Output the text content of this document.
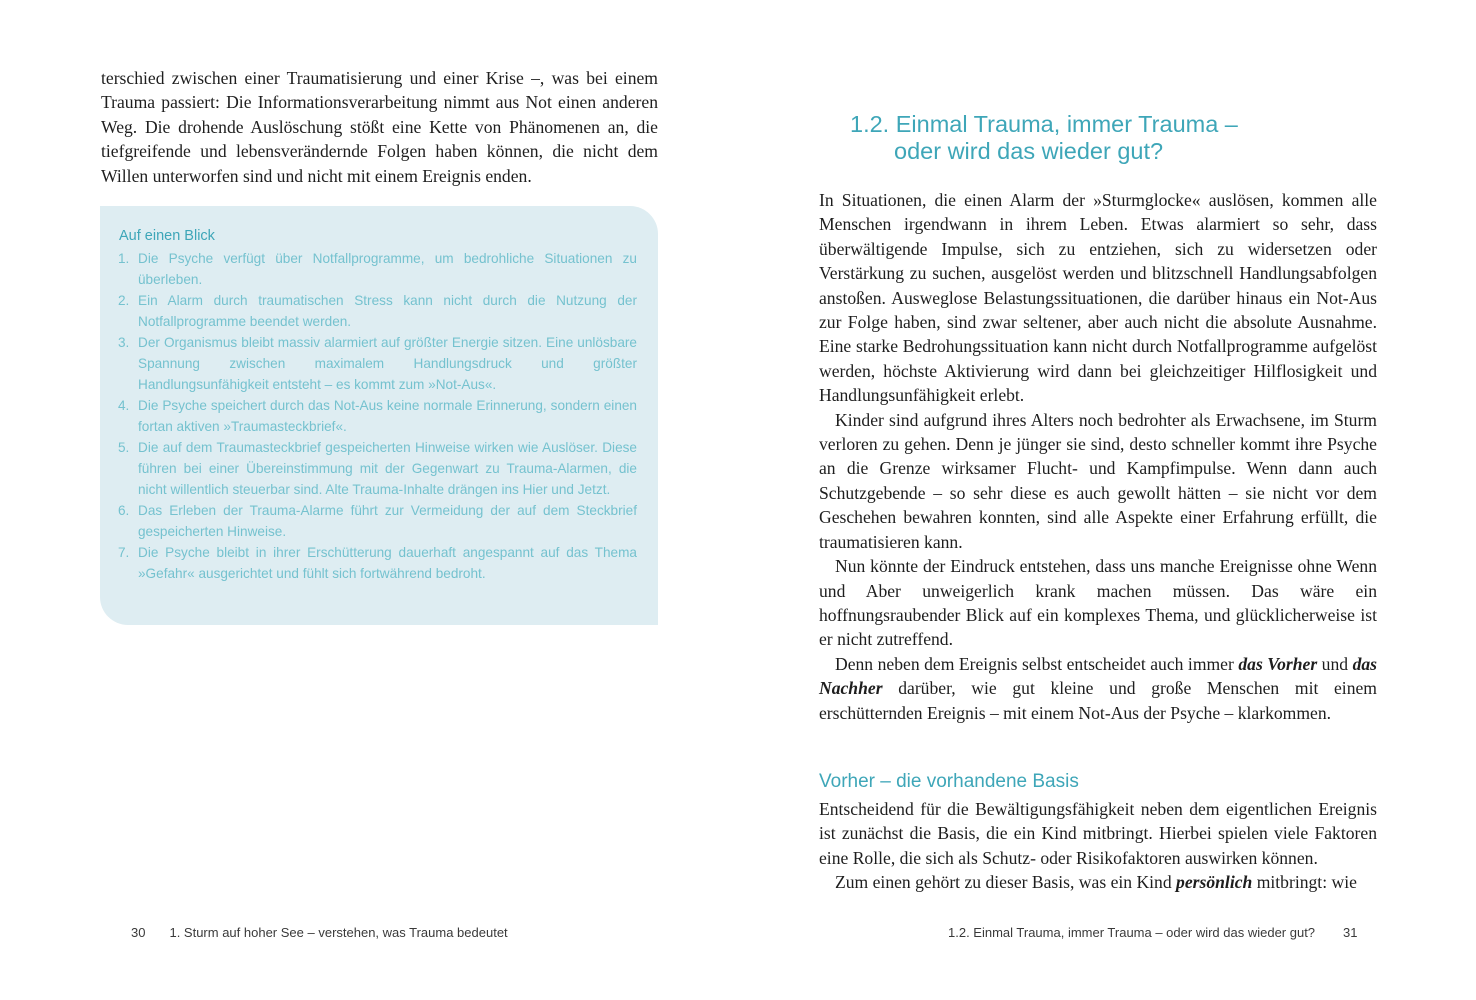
terschied zwischen einer Traumatisierung und einer Krise –, was bei einem Trauma passiert: Die Informationsverarbeitung nimmt aus Not einen anderen Weg. Die drohende Auslöschung stößt eine Kette von Phänomenen an, die tiefgreifende und lebensverändernde Folgen haben können, die nicht dem Willen unterworfen sind und nicht mit einem Ereignis enden.

Auf einen Blick
1. Die Psyche verfügt über Notfallprogramme, um bedrohliche Situationen zu überleben.
2. Ein Alarm durch traumatischen Stress kann nicht durch die Nutzung der Notfallprogramme beendet werden.
3. Der Organismus bleibt massiv alarmiert auf größter Energie sitzen. Eine unlösbare Spannung zwischen maximalem Handlungsdruck und größter Handlungsunfähigkeit entsteht – es kommt zum »Not-Aus«.
4. Die Psyche speichert durch das Not-Aus keine normale Erinnerung, sondern einen fortan aktiven »Traumasteckbrief«.
5. Die auf dem Traumasteckbrief gespeicherten Hinweise wirken wie Auslöser. Diese führen bei einer Übereinstimmung mit der Gegenwart zu Trauma-Alarmen, die nicht willentlich steuerbar sind. Alte Trauma-Inhalte drängen ins Hier und Jetzt.
6. Das Erleben der Trauma-Alarme führt zur Vermeidung der auf dem Steckbrief gespeicherten Hinweise.
7. Die Psyche bleibt in ihrer Erschütterung dauerhaft angespannt auf das Thema »Gefahr« ausgerichtet und fühlt sich fortwährend bedroht.
30 1. Sturm auf hoher See – verstehen, was Trauma bedeutet
1.2. Einmal Trauma, immer Trauma –
oder wird das wieder gut?

In Situationen, die einen Alarm der »Sturmglocke« auslösen, kommen alle Menschen irgendwann in ihrem Leben. Etwas alarmiert so sehr, dass überwältigende Impulse, sich zu entziehen, sich zu widersetzen oder Verstärkung zu suchen, ausgelöst werden und blitzschnell Handlungsabfolgen anstoßen. Ausweglose Belastungssituationen, die darüber hinaus ein Not-Aus zur Folge haben, sind zwar seltener, aber auch nicht die absolute Ausnahme. Eine starke Bedrohungssituation kann nicht durch Notfallprogramme aufgelöst werden, höchste Aktivierung wird dann bei gleichzeitiger Hilflosigkeit und Handlungsunfähigkeit erlebt.

Kinder sind aufgrund ihres Alters noch bedrohter als Erwachsene, im Sturm verloren zu gehen. Denn je jünger sie sind, desto schneller kommt ihre Psyche an die Grenze wirksamer Flucht- und Kampfimpulse. Wenn dann auch Schutzgebende – so sehr diese es auch gewollt hätten – sie nicht vor dem Geschehen bewahren konnten, sind alle Aspekte einer Erfahrung erfüllt, die traumatisieren kann.

Nun könnte der Eindruck entstehen, dass uns manche Ereignisse ohne Wenn und Aber unweigerlich krank machen müssen. Das wäre ein hoffnungsraubender Blick auf ein komplexes Thema, und glücklicherweise ist er nicht zutreffend.

Denn neben dem Ereignis selbst entscheidet auch immer das Vorher und das Nachher darüber, wie gut kleine und große Menschen mit einem erschütternden Ereignis – mit einem Not-Aus der Psyche – klarkommen.

Vorher – die vorhandene Basis

Entscheidend für die Bewältigungsfähigkeit neben dem eigentlichen Ereignis ist zunächst die Basis, die ein Kind mitbringt. Hierbei spielen viele Faktoren eine Rolle, die sich als Schutz- oder Risikofaktoren auswirken können.

Zum einen gehört zu dieser Basis, was ein Kind persönlich mitbringt: wie

1.2. Einmal Trauma, immer Trauma – oder wird das wieder gut? 31
